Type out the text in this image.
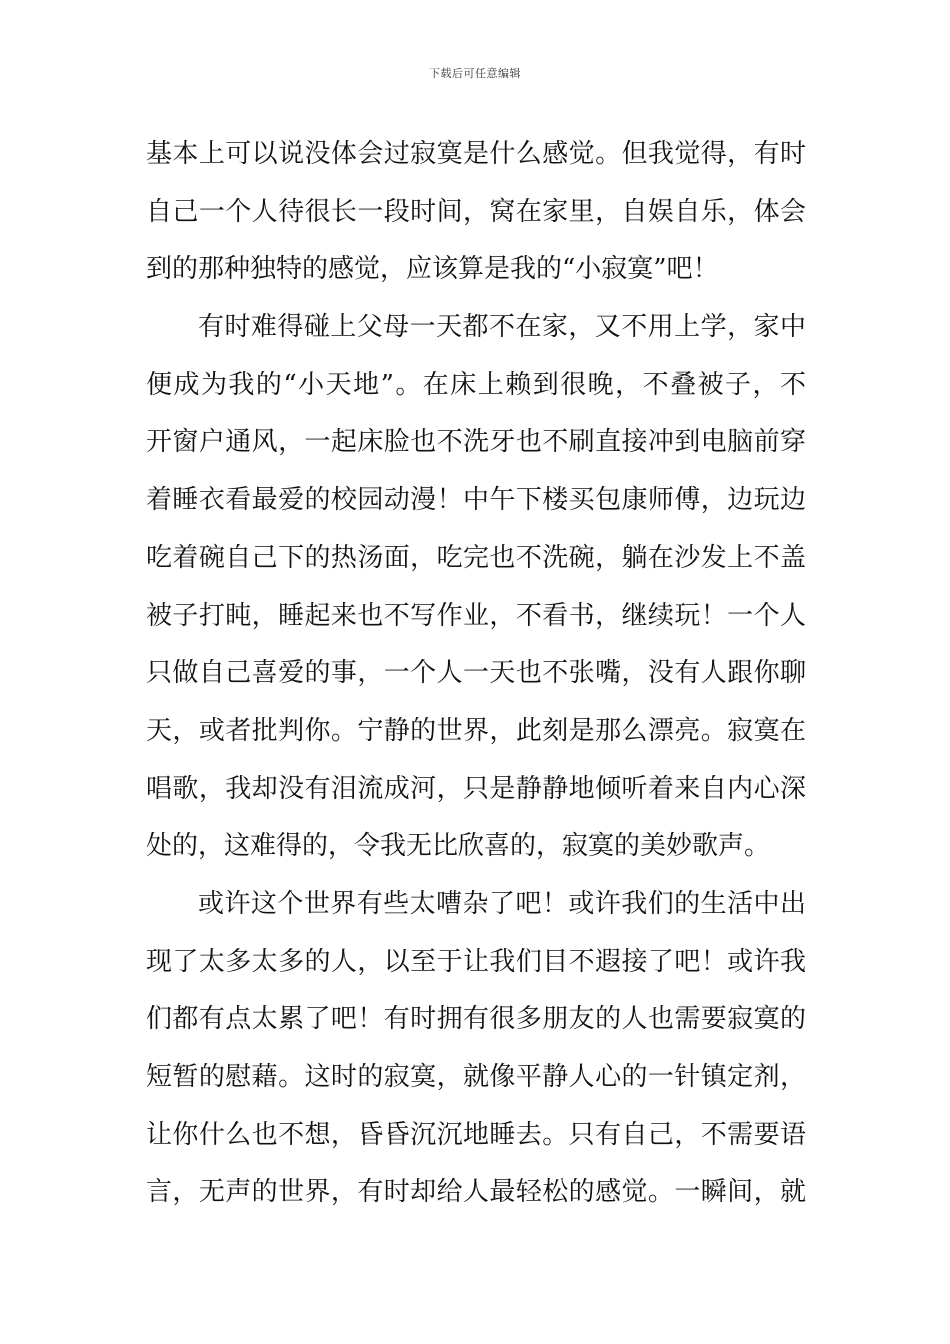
下载后可任意编辑
基本上可以说没体会过寂寞是什么感觉。但我觉得，有时
自己一个人待很长一段时间，窝在家里，自娱自乐，体会
到的那种独特的感觉，应该算是我的“小寂寞”吧！
有时难得碰上父母一天都不在家，又不用上学，家中
便成为我的“小天地”。在床上赖到很晚，不叠被子，不
开窗户通风，一起床脸也不洗牙也不刷直接冲到电脑前穿
着睡衣看最爱的校园动漫！中午下楼买包康师傅，边玩边
吃着碗自己下的热汤面，吃完也不洗碗，躺在沙发上不盖
被子打盹，睡起来也不写作业，不看书，继续玩！一个人
只做自己喜爱的事，一个人一天也不张嘴，没有人跟你聊
天，或者批判你。宁静的世界，此刻是那么漂亮。寂寞在
唱歌，我却没有泪流成河，只是静静地倾听着来自内心深
处的，这难得的，令我无比欣喜的，寂寞的美妙歌声。
或许这个世界有些太嘈杂了吧！或许我们的生活中出
现了太多太多的人，以至于让我们目不遐接了吧！或许我
们都有点太累了吧！有时拥有很多朋友的人也需要寂寞的
短暂的慰藉。这时的寂寞，就像平静人心的一针镇定剂，
让你什么也不想，昏昏沉沉地睡去。只有自己，不需要语
言，无声的世界，有时却给人最轻松的感觉。一瞬间，就
